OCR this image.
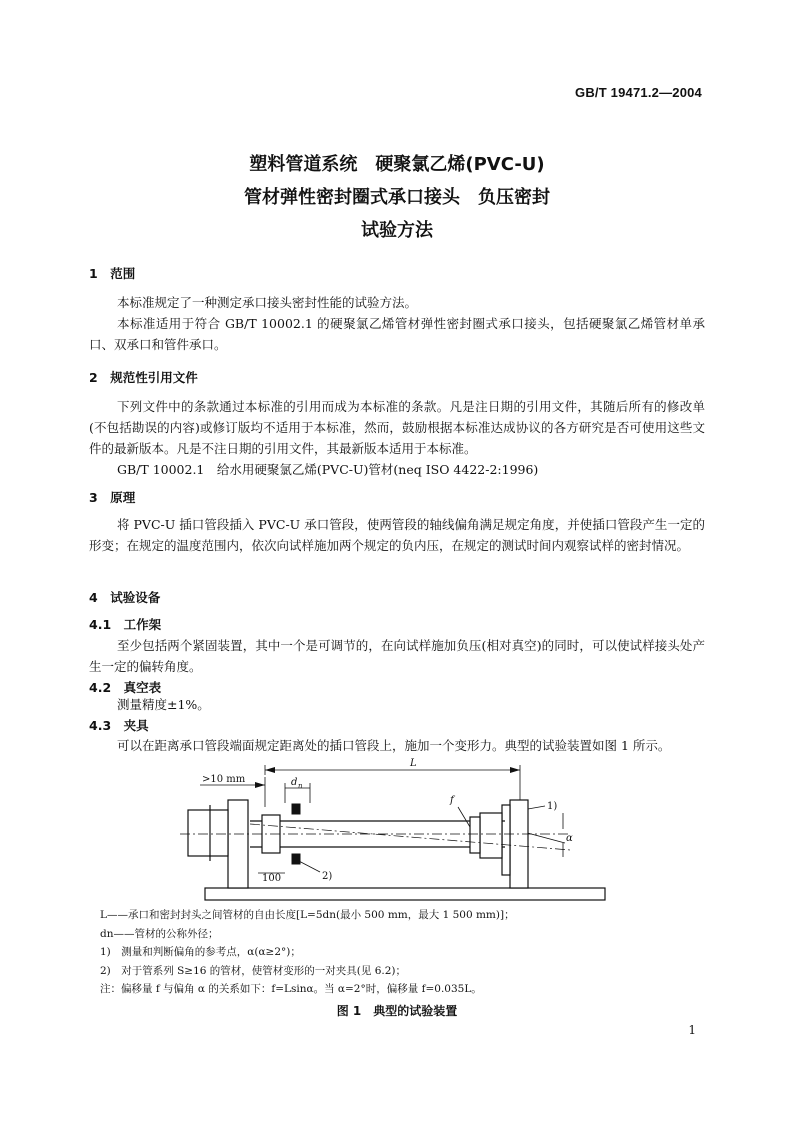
GB/T 19471.2—2004
塑料管道系统　硬聚氯乙烯(PVC-U)
管材弹性密封圈式承口接头　负压密封
试验方法
1　范围

本标准规定了一种测定承口接头密封性能的试验方法。

本标准适用于符合 GB/T 10002.1 的硬聚氯乙烯管材弹性密封圈式承口接头，包括硬聚氯乙烯管材单承口、双承口和管件承口。

2　规范性引用文件

下列文件中的条款通过本标准的引用而成为本标准的条款。凡是注日期的引用文件，其随后所有的修改单(不包括勘误的内容)或修订版均不适用于本标准，然而，鼓励根据本标准达成协议的各方研究是否可使用这些文件的最新版本。凡是不注日期的引用文件，其最新版本适用于本标准。

GB/T 10002.1　给水用硬聚氯乙烯(PVC-U)管材(neq ISO 4422-2:1996)

3　原理

将 PVC-U 插口管段插入 PVC-U 承口管段，使两管段的轴线偏角满足规定角度，并使插口管段产生一定的形变；在规定的温度范围内，依次向试样施加两个规定的负内压，在规定的测试时间内观察试样的密封情况。

4　试验设备
4.1　工作架

至少包括两个紧固装置，其中一个是可调节的，在向试样施加负压(相对真空)的同时，可以使试样接头处产生一定的偏转角度。

4.2　真空表

测量精度±1%。

4.3　夹具

可以在距离承口管段端面规定距离处的插口管段上，施加一个变形力。典型的试验装置如图 1 所示。

>10 mm	d n
L
f
1)
α
100	2)
L——承口和密封封头之间管材的自由长度[L=5dn(最小 500 mm，最大 1 500 mm)]；
dn——管材的公称外径；
1)　测量和判断偏角的参考点，α(α≥2°)；
2)　对于管系列 S≥16 的管材，使管材变形的一对夹具(见 6.2)；
注：偏移量 f 与偏角 α 的关系如下：f=Lsinα。当 α=2°时，偏移量 f=0.035L。
图 1　典型的试验装置
1
